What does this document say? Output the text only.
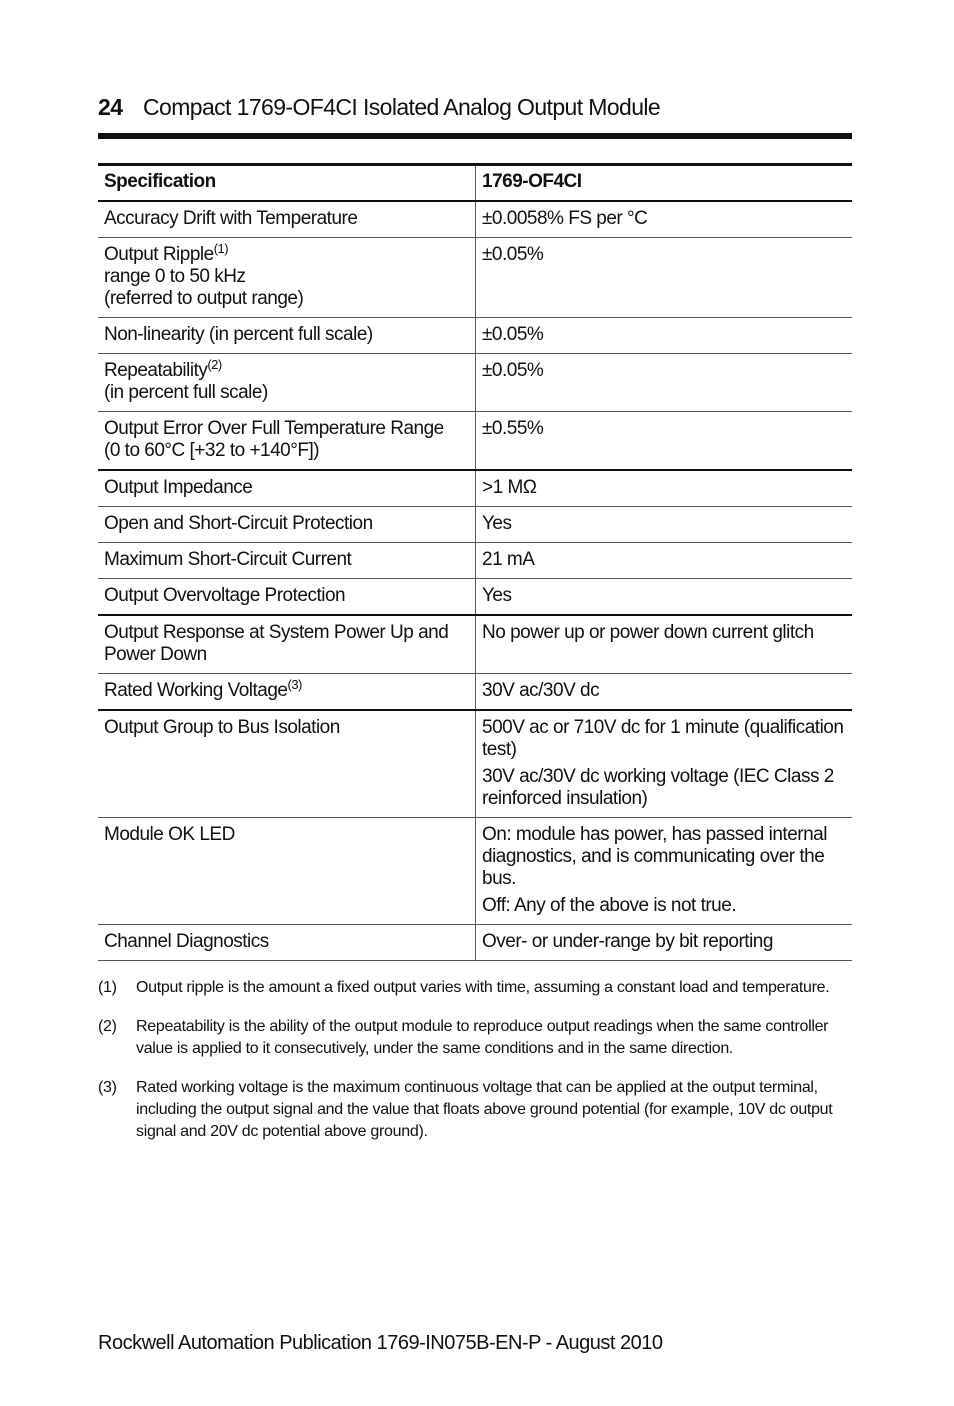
24 Compact 1769-OF4CI Isolated Analog Output Module
Specification	1769-OF4CI

Accuracy Drift with Temperature	±0.0058% FS per °C

Output Ripple$^{(1)}$
range 0 to 50 kHz
(referred to output range)	±0.05%

Non-linearity (in percent full scale)	±0.05%

Repeatability$^{(2)}$
(in percent full scale)	±0.05%

Output Error Over Full Temperature Range
(0 to 60°C [+32 to +140°F])	±0.55%

Output Impedance	>1 MΩ

Open and Short-Circuit Protection	Yes

Maximum Short-Circuit Current	21 mA

Output Overvoltage Protection	Yes

Output Response at System Power Up and Power Down	No power up or power down current glitch

Rated Working Voltage$^{(3)}$	30V ac/30V dc

Output Group to Bus Isolation	500V ac or 710V dc for 1 minute (qualification test)
30V ac/30V dc working voltage (IEC Class 2 reinforced insulation)

Module OK LED	On: module has power, has passed internal diagnostics, and is communicating over the bus.
Off: Any of the above is not true.

Channel Diagnostics	Over- or under-range by bit reporting
(1) Output ripple is the amount a fixed output varies with time, assuming a constant load and temperature.
(2) Repeatability is the ability of the output module to reproduce output readings when the same controller value is applied to it consecutively, under the same conditions and in the same direction.
(3) Rated working voltage is the maximum continuous voltage that can be applied at the output terminal, including the output signal and the value that floats above ground potential (for example, 10V dc output signal and 20V dc potential above ground).
Rockwell Automation Publication 1769-IN075B-EN-P - August 2010
